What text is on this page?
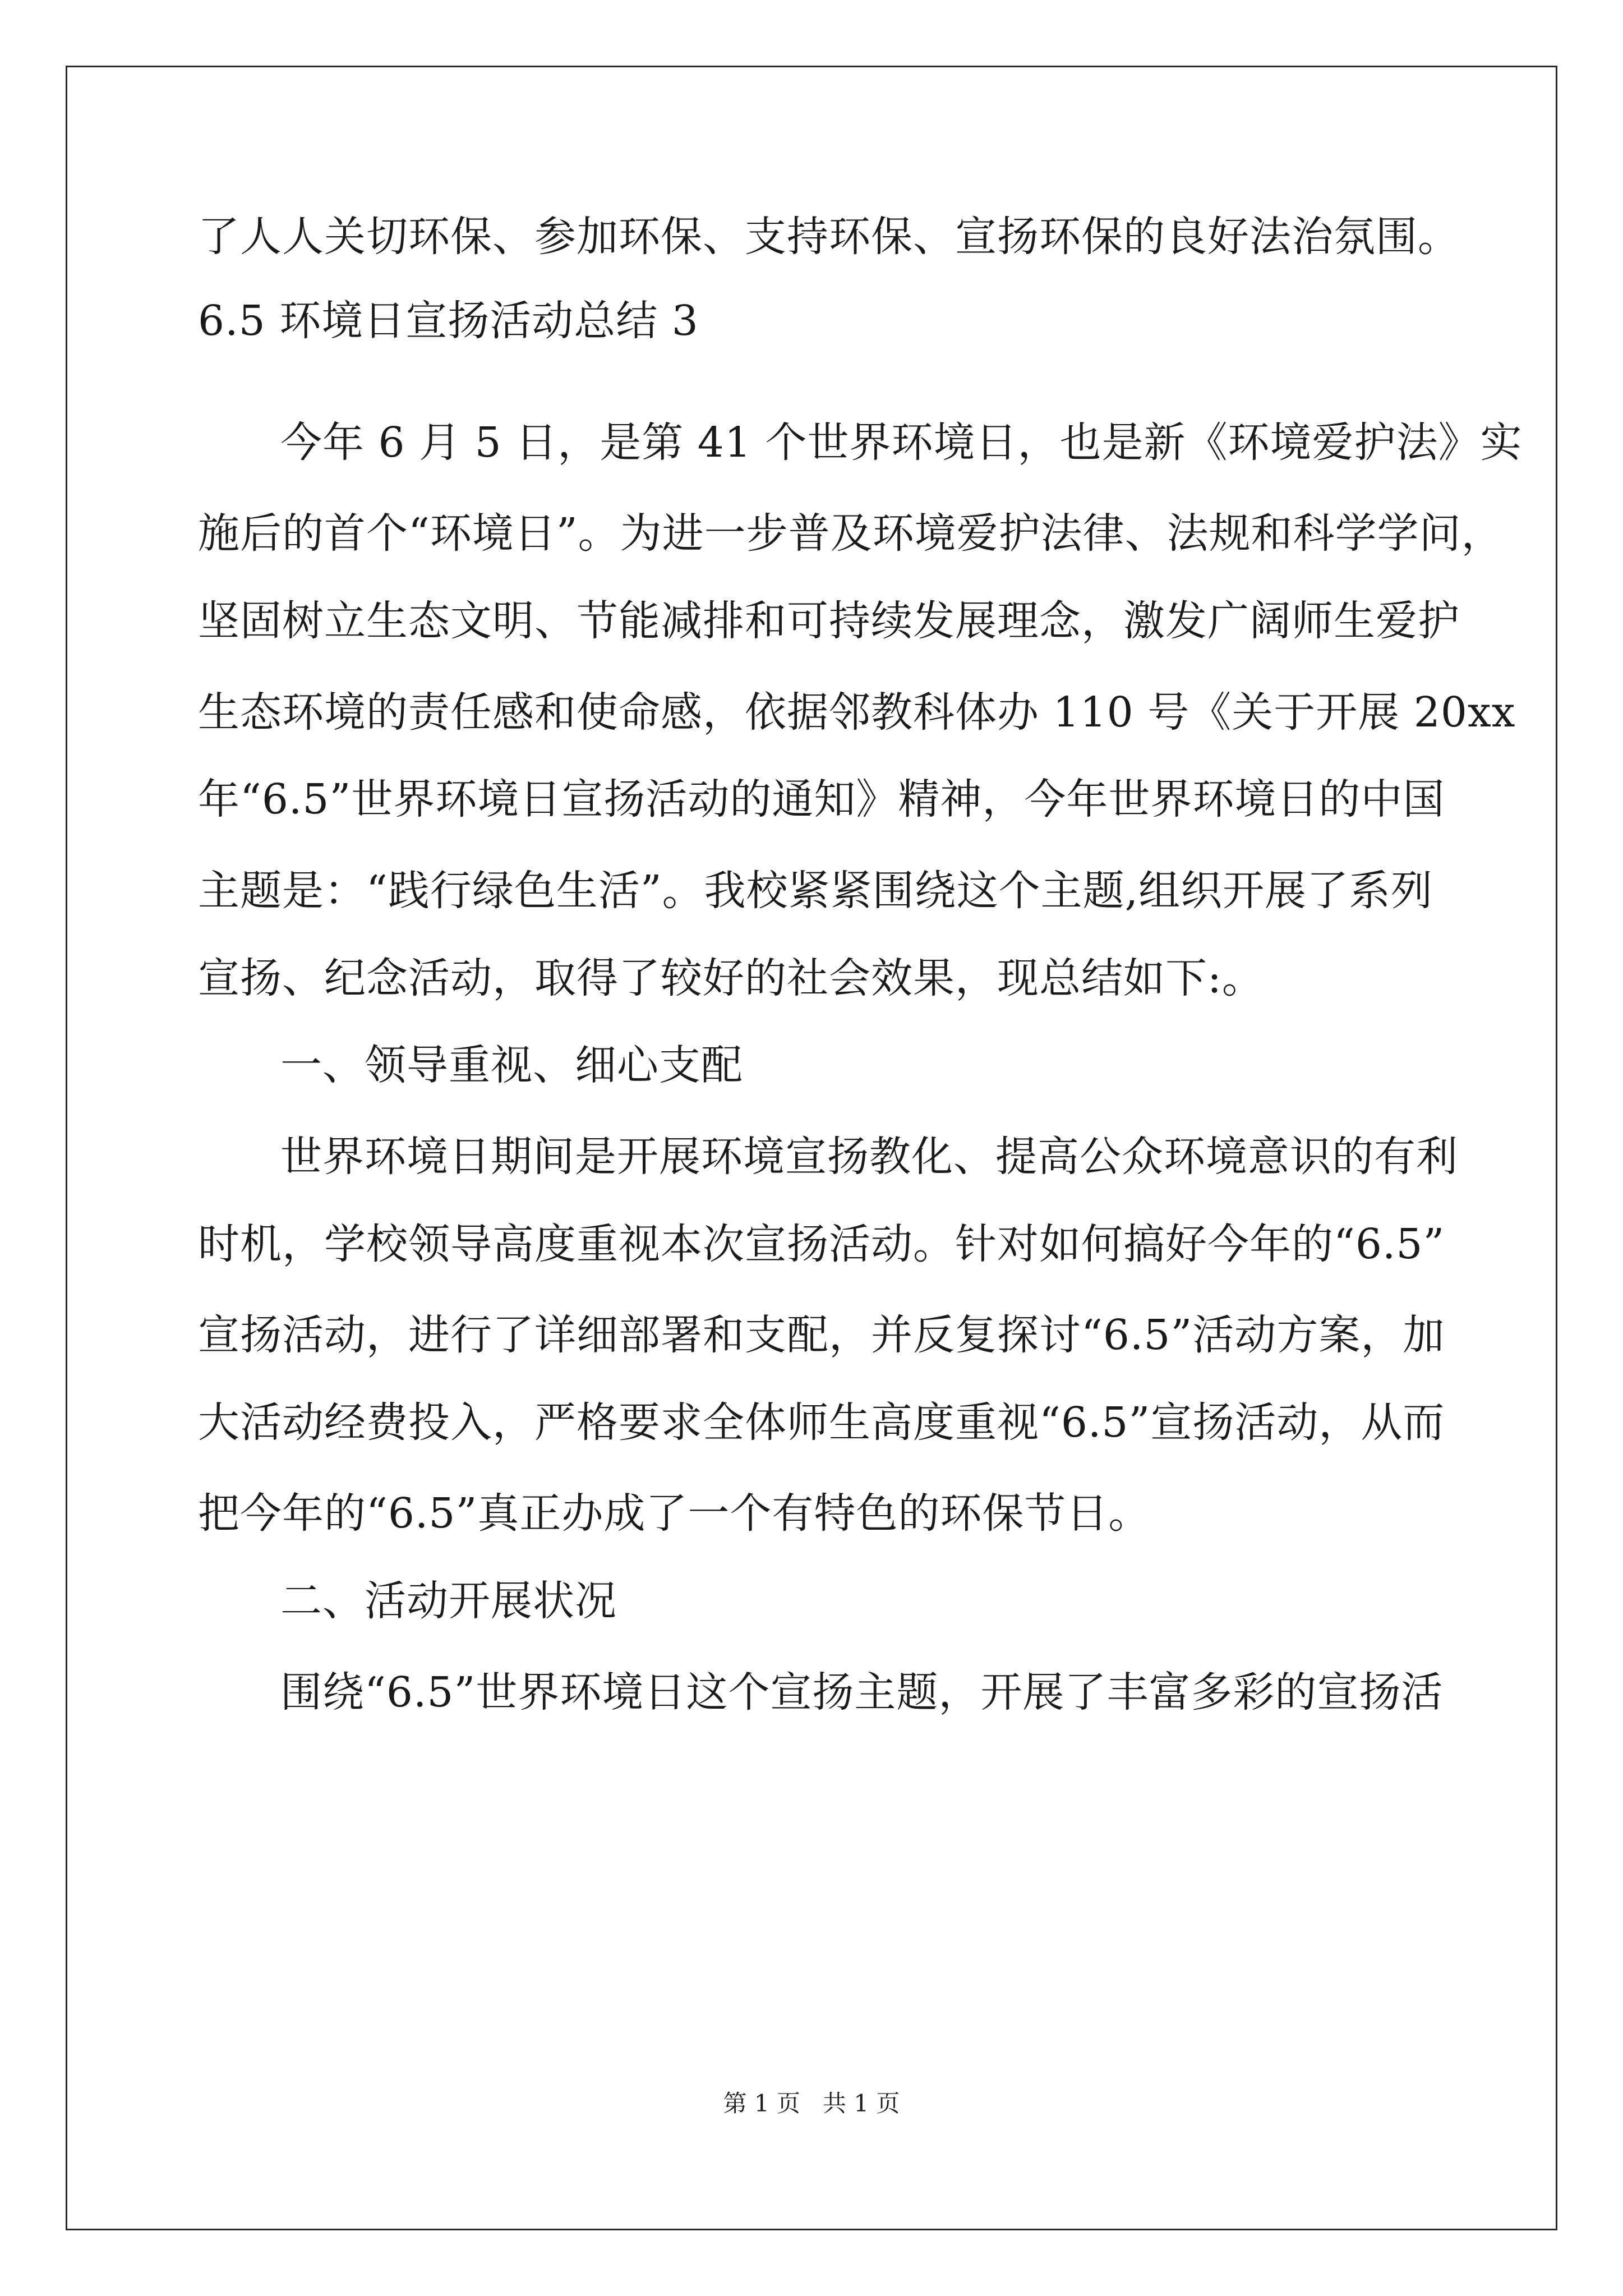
了人人关切环保、参加环保、支持环保、宣扬环保的良好法治氛围。
6.5 环境日宣扬活动总结 3
今年 6 月 5 日，是第 41 个世界环境日，也是新《环境爱护法》实
施后的首个“环境日”。为进一步普及环境爱护法律、法规和科学学问，
坚固树立生态文明、节能减排和可持续发展理念，激发广阔师生爱护
生态环境的责任感和使命感，依据邻教科体办 110 号《关于开展 20xx
年“6.5”世界环境日宣扬活动的通知》精神，今年世界环境日的中国
主题是：“践行绿色生活”。我校紧紧围绕这个主题,组织开展了系列
宣扬、纪念活动，取得了较好的社会效果，现总结如下:。
一、领导重视、细心支配
世界环境日期间是开展环境宣扬教化、提高公众环境意识的有利
时机，学校领导高度重视本次宣扬活动。针对如何搞好今年的“6.5”
宣扬活动，进行了详细部署和支配，并反复探讨“6.5”活动方案，加
大活动经费投入，严格要求全体师生高度重视“6.5”宣扬活动，从而
把今年的“6.5”真正办成了一个有特色的环保节日。
二、活动开展状况
围绕“6.5”世界环境日这个宣扬主题，开展了丰富多彩的宣扬活
第 1 页 共 1 页
